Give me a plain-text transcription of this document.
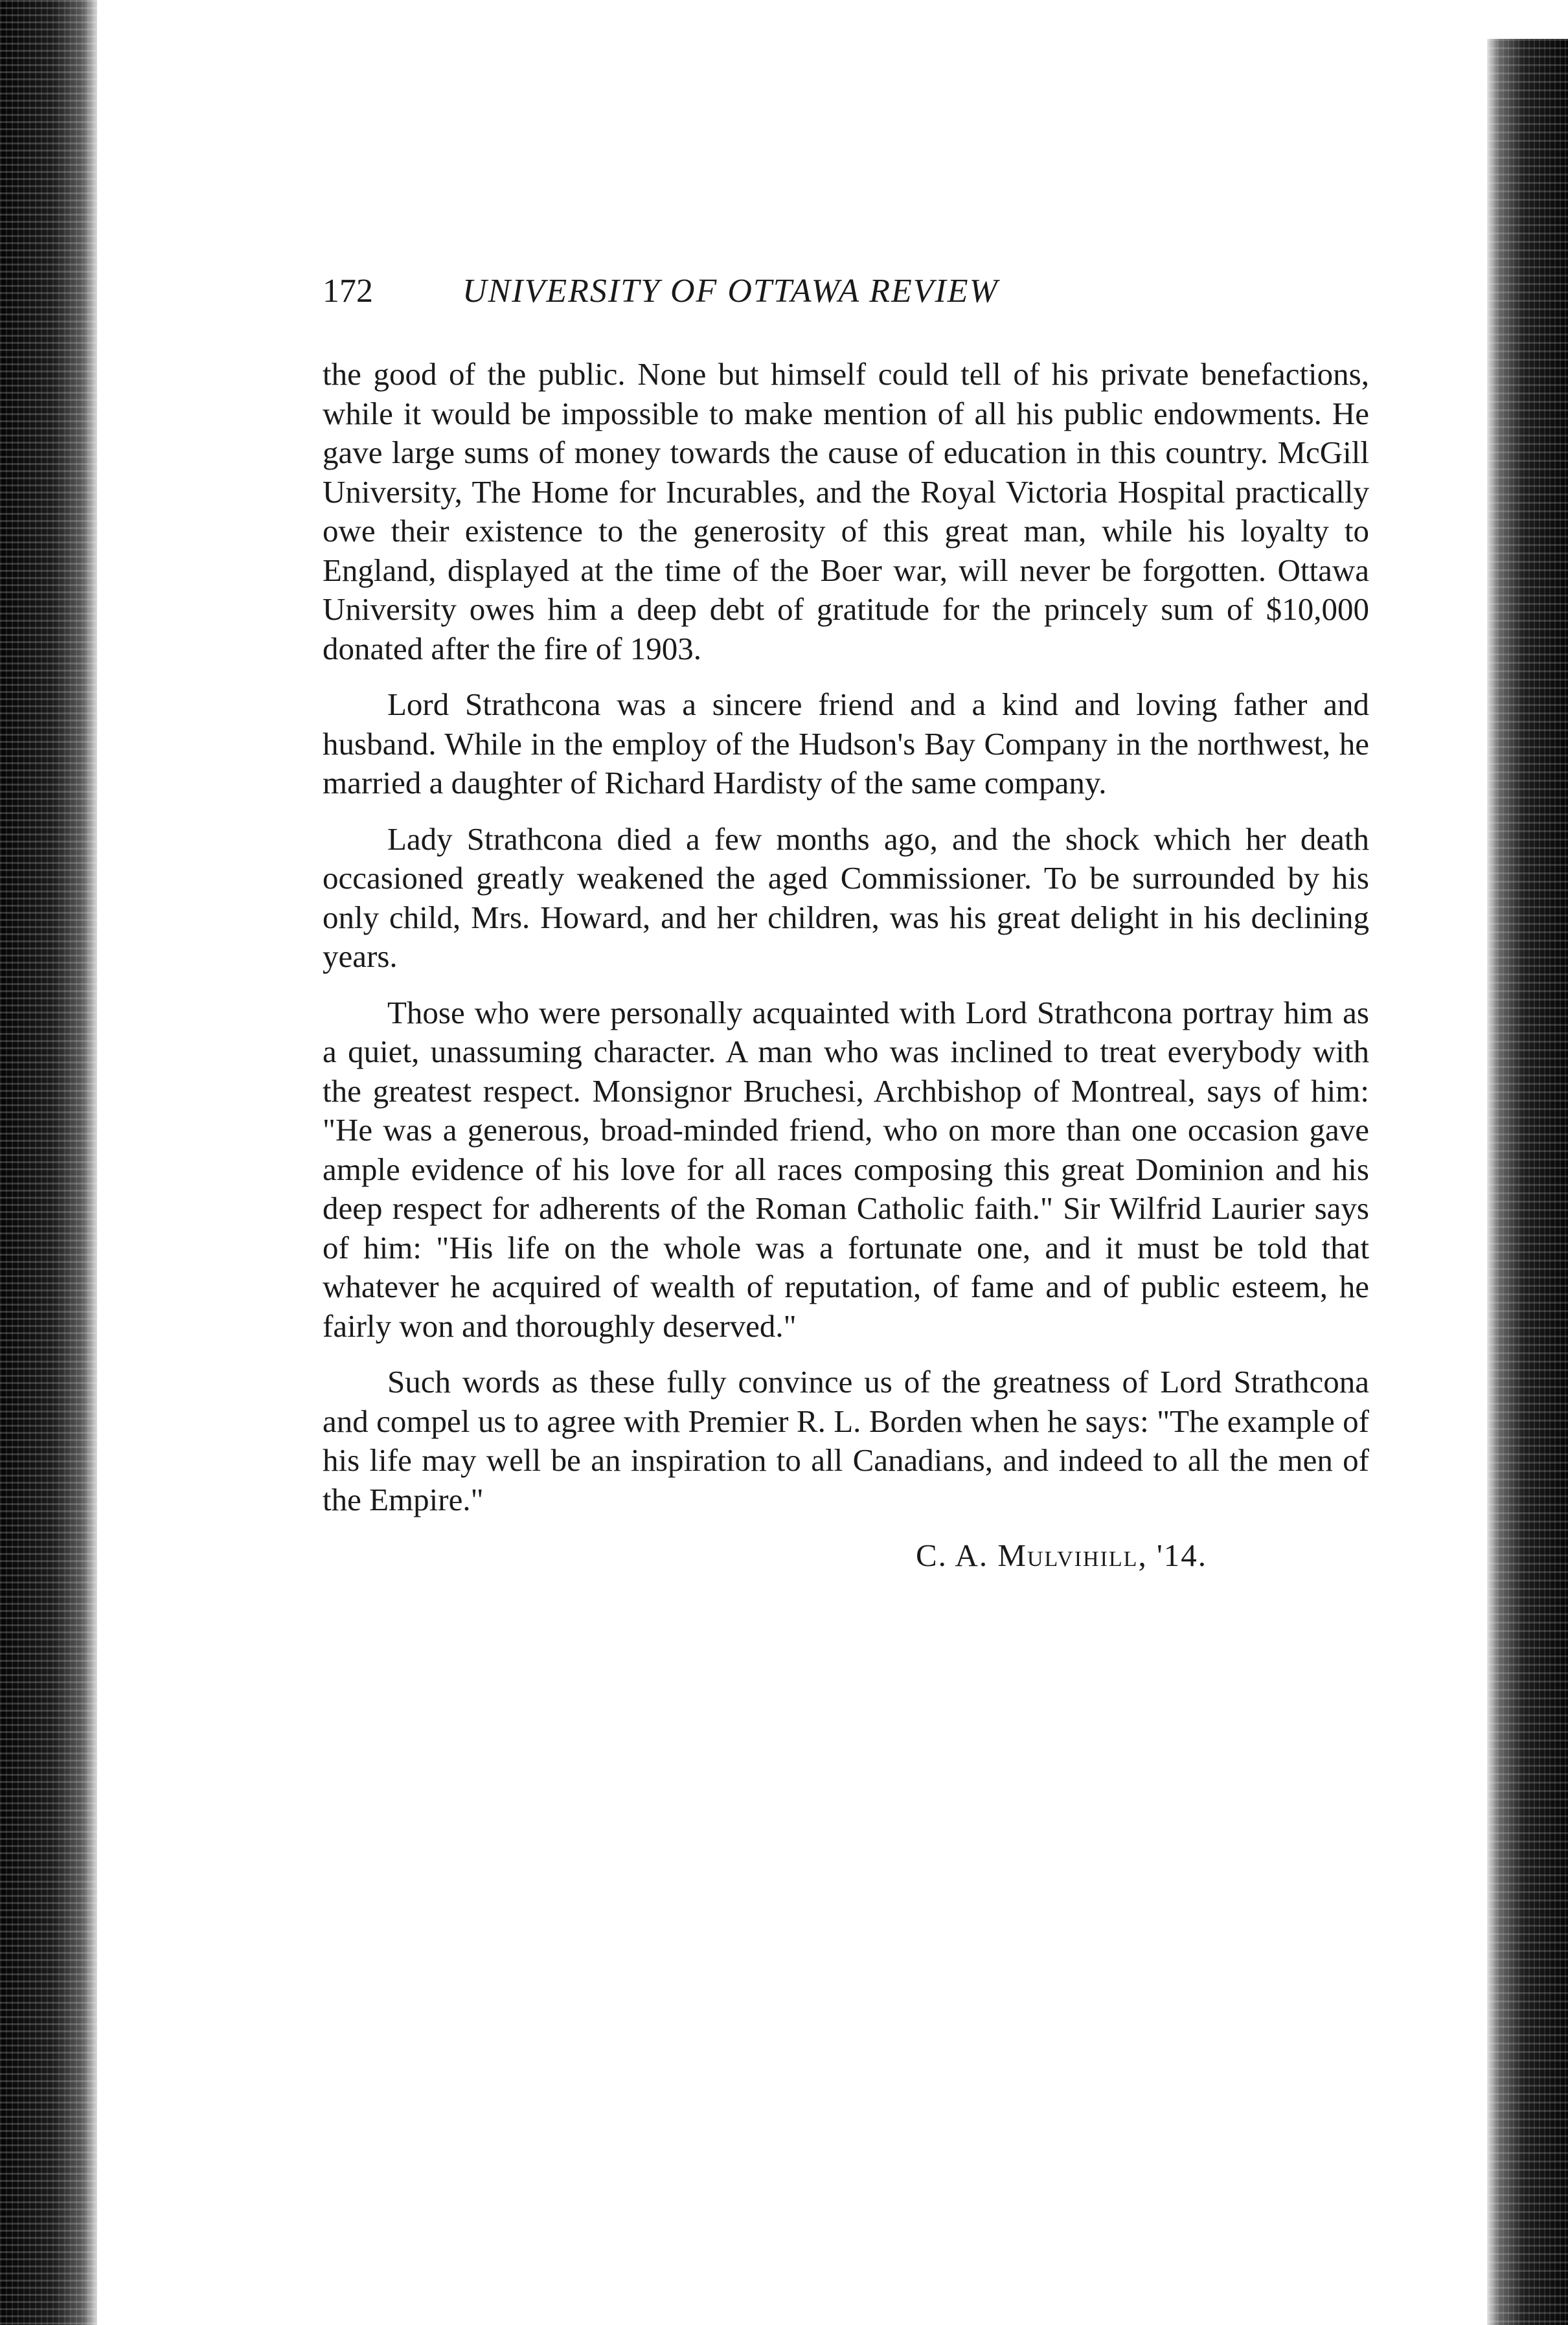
172	UNIVERSITY OF OTTAWA REVIEW

the good of the public. None but himself could tell of his private benefactions, while it would be impossible to make mention of all his public endowments. He gave large sums of money towards the cause of education in this country. McGill University, The Home for Incurables, and the Royal Victoria Hospital practically owe their existence to the generosity of this great man, while his loyalty to England, displayed at the time of the Boer war, will never be forgotten. Ottawa University owes him a deep debt of gratitude for the princely sum of $10,000 donated after the fire of 1903.

Lord Strathcona was a sincere friend and a kind and loving father and husband. While in the employ of the Hudson's Bay Company in the northwest, he married a daughter of Richard Hardisty of the same company.

Lady Strathcona died a few months ago, and the shock which her death occasioned greatly weakened the aged Commissioner. To be surrounded by his only child, Mrs. Howard, and her children, was his great delight in his declining years.

Those who were personally acquainted with Lord Strathcona portray him as a quiet, unassuming character. A man who was inclined to treat everybody with the greatest respect. Monsignor Bruchesi, Archbishop of Montreal, says of him: "He was a generous, broad-minded friend, who on more than one occasion gave ample evidence of his love for all races composing this great Dominion and his deep respect for adherents of the Roman Catholic faith." Sir Wilfrid Laurier says of him: "His life on the whole was a fortunate one, and it must be told that whatever he acquired of wealth of reputation, of fame and of public esteem, he fairly won and thoroughly deserved."

Such words as these fully convince us of the greatness of Lord Strathcona and compel us to agree with Premier R. L. Borden when he says: "The example of his life may well be an inspiration to all Canadians, and indeed to all the men of the Empire."

C. A. Mulvihill, '14.
